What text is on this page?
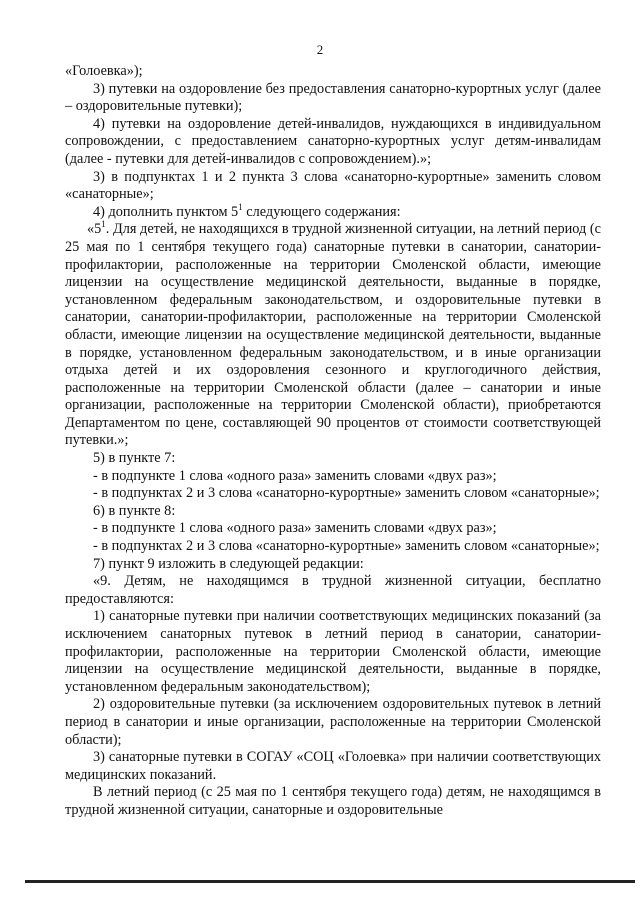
2

«Голоевка»);

3) путевки на оздоровление без предоставления санаторно-курортных услуг (далее – оздоровительные путевки);

4) путевки на оздоровление детей-инвалидов, нуждающихся в индивидуальном сопровождении, с предоставлением санаторно-курортных услуг детям-инвалидам (далее - путевки для детей-инвалидов с сопровождением).»;

3) в подпунктах 1 и 2 пункта 3 слова «санаторно-курортные» заменить словом «санаторные»;

4) дополнить пунктом $5^1$ следующего содержания:

«$5^1$. Для детей, не находящихся в трудной жизненной ситуации, на летний период (с 25 мая по 1 сентября текущего года) санаторные путевки в санатории, санатории-профилактории, расположенные на территории Смоленской области, имеющие лицензии на осуществление медицинской деятельности, выданные в порядке, установленном федеральным законодательством, и оздоровительные путевки в санатории, санатории-профилактории, расположенные на территории Смоленской области, имеющие лицензии на осуществление медицинской деятельности, выданные в порядке, установленном федеральным законодательством, и в иные организации отдыха детей и их оздоровления сезонного и круглогодичного действия, расположенные на территории Смоленской области (далее – санатории и иные организации, расположенные на территории Смоленской области), приобретаются Департаментом по цене, составляющей 90 процентов от стоимости соответствующей путевки.»;

5) в пункте 7:

- в подпункте 1 слова «одного раза» заменить словами «двух раз»;

- в подпунктах 2 и 3 слова «санаторно-курортные» заменить словом «санаторные»;

6) в пункте 8:

- в подпункте 1 слова «одного раза» заменить словами «двух раз»;

- в подпунктах 2 и 3 слова «санаторно-курортные» заменить словом «санаторные»;

7) пункт 9 изложить в следующей редакции:

«9. Детям, не находящимся в трудной жизненной ситуации, бесплатно предоставляются:

1) санаторные путевки при наличии соответствующих медицинских показаний (за исключением санаторных путевок в летний период в санатории, санатории-профилактории, расположенные на территории Смоленской области, имеющие лицензии на осуществление медицинской деятельности, выданные в порядке, установленном федеральным законодательством);

2) оздоровительные путевки (за исключением оздоровительных путевок в летний период в санатории и иные организации, расположенные на территории Смоленской области);

3) санаторные путевки в СОГАУ «СОЦ «Голоевка» при наличии соответствующих медицинских показаний.

В летний период (с 25 мая по 1 сентября текущего года) детям, не находящимся в трудной жизненной ситуации, санаторные и оздоровительные
